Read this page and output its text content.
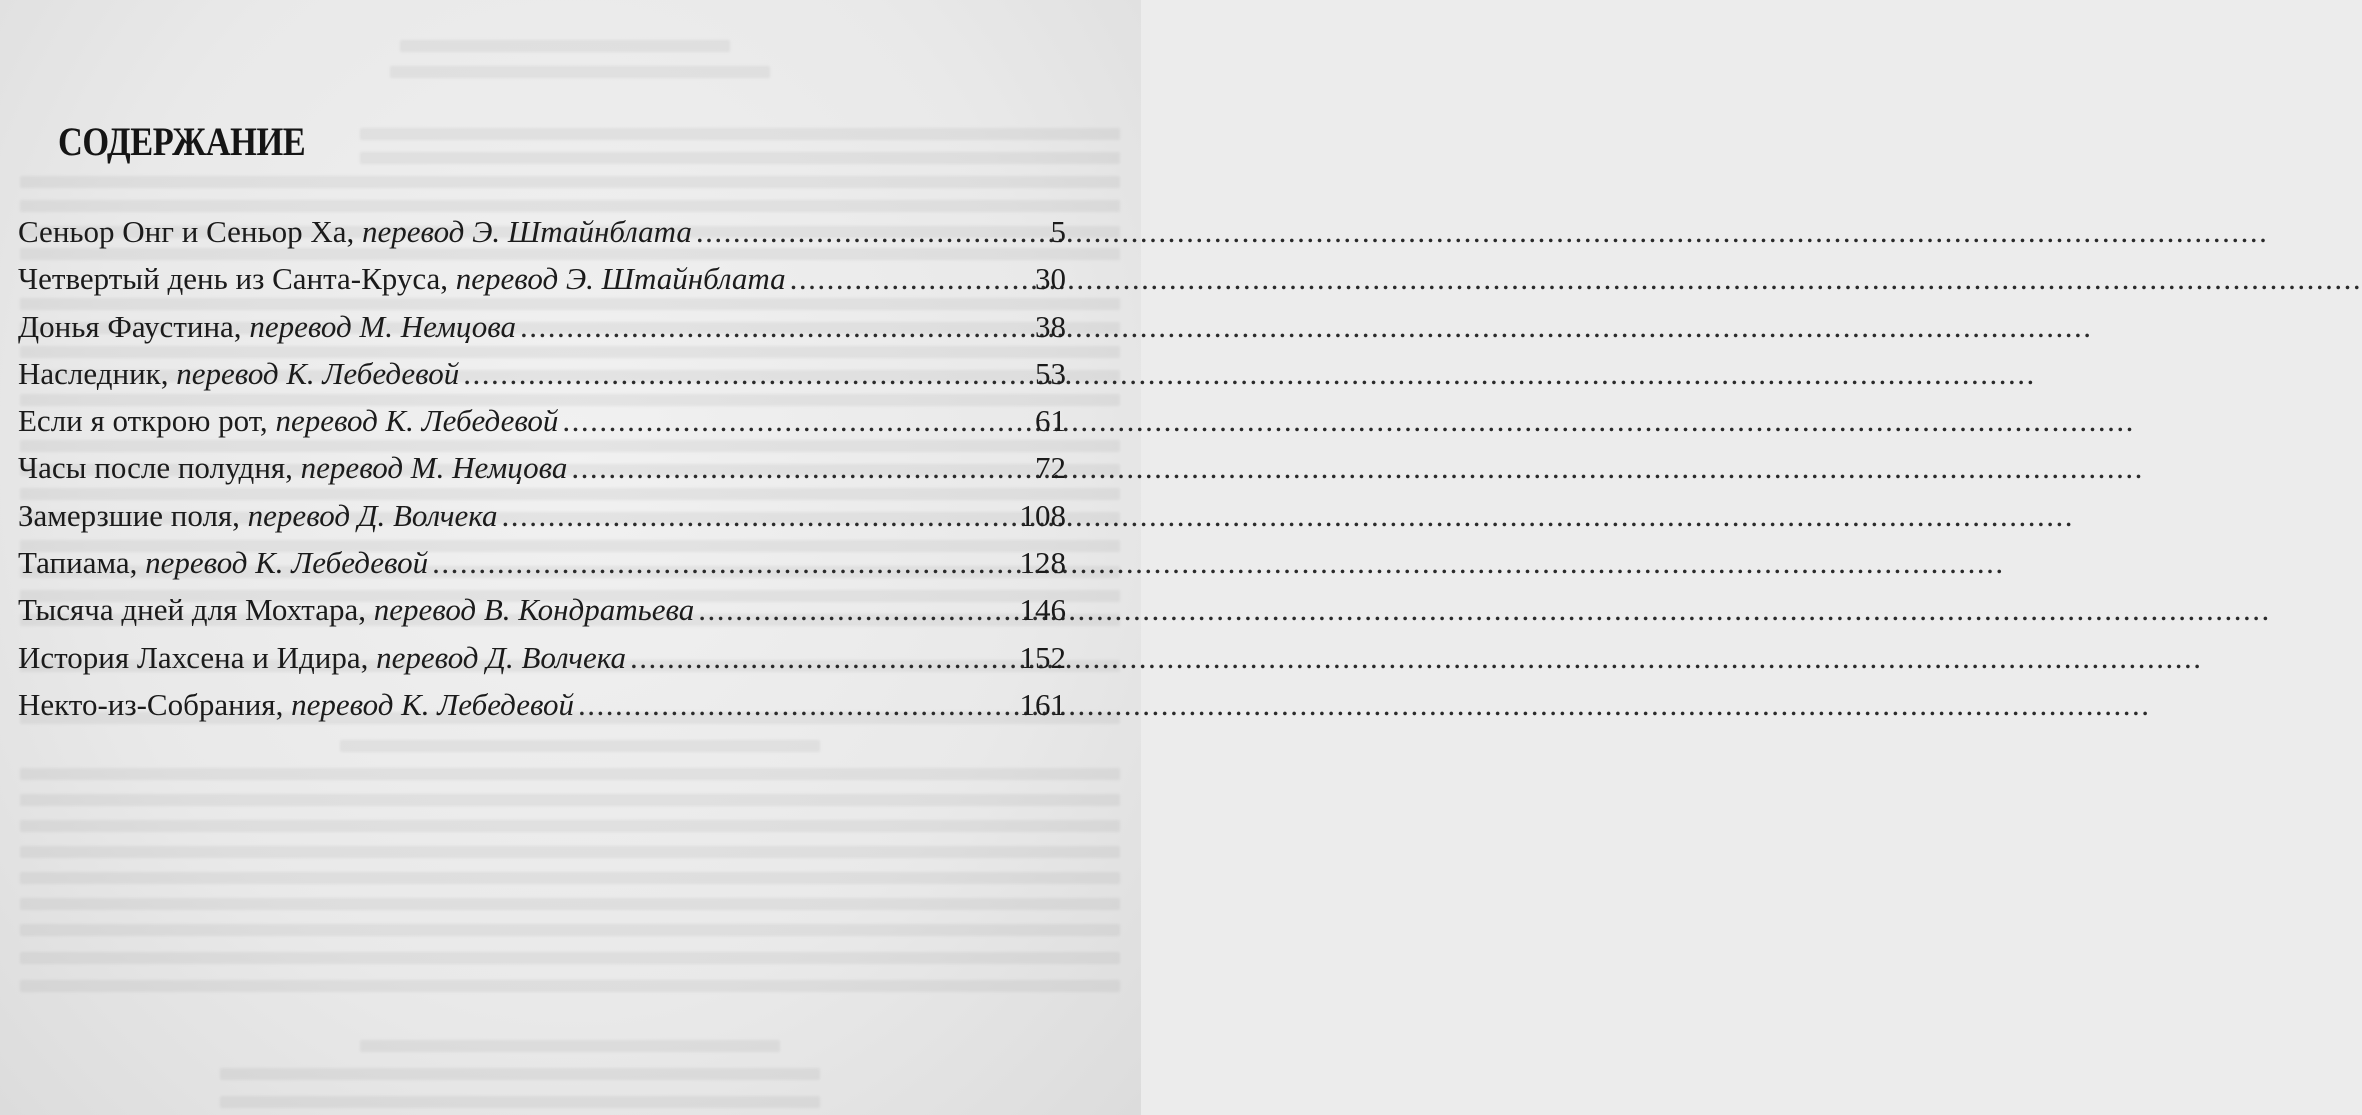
СОДЕРЖАНИЕ
Сеньор Онг и Сеньор Ха, перевод Э. Штайнблата .....	5
Четвертый день из Санта-Круса, перевод Э. Штайнблата .....	30
Донья Фаустина, перевод М. Немцова .....	38
Наследник, перевод К. Лебедевой .....	53
Если я открою рот, перевод К. Лебедевой .....	61
Часы после полудня, перевод М. Немцова .....	72
Замерзшие поля, перевод Д. Волчека .....	108
Тапиама, перевод К. Лебедевой .....	128
Тысяча дней для Мохтара, перевод В. Кондратьева .....	146
История Лахсена и Идира, перевод Д. Волчека .....	152
Некто-из-Собрания, перевод К. Лебедевой .....	161
